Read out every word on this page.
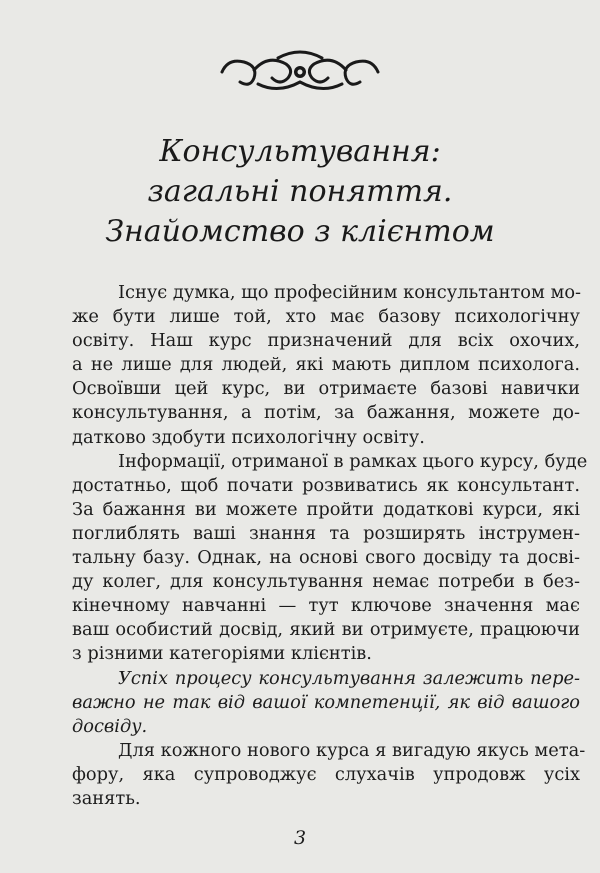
Консультування:
загальні поняття.
Знайомство з клієнтом
Існує думка, що професійним консультантом мо-
же бути лише той, хто має базову психологічну
освіту. Наш курс призначений для всіх охочих,
а не лише для людей, які мають диплом психолога.
Освоївши цей курс, ви отримаєте базові навички
консультування, а потім, за бажання, можете до-
датково здобути психологічну освіту.
Інформації, отриманої в рамках цього курсу, буде
достатньо, щоб почати розвиватись як консультант.
За бажання ви можете пройти додаткові курси, які
поглиблять ваші знання та розширять інструмен-
тальну базу. Однак, на основі свого досвіду та досві-
ду колег, для консультування немає потреби в без-
кінечному навчанні — тут ключове значення має
ваш особистий досвід, який ви отримуєте, працюючи
з різними категоріями клієнтів.
Успіх процесу консультування залежить пере-
важно не так від вашої компетенції, як від вашого
досвіду.
Для кожного нового курса я вигадую якусь мета-
фору, яка супроводжує слухачів упродовж усіх
занять.
3
